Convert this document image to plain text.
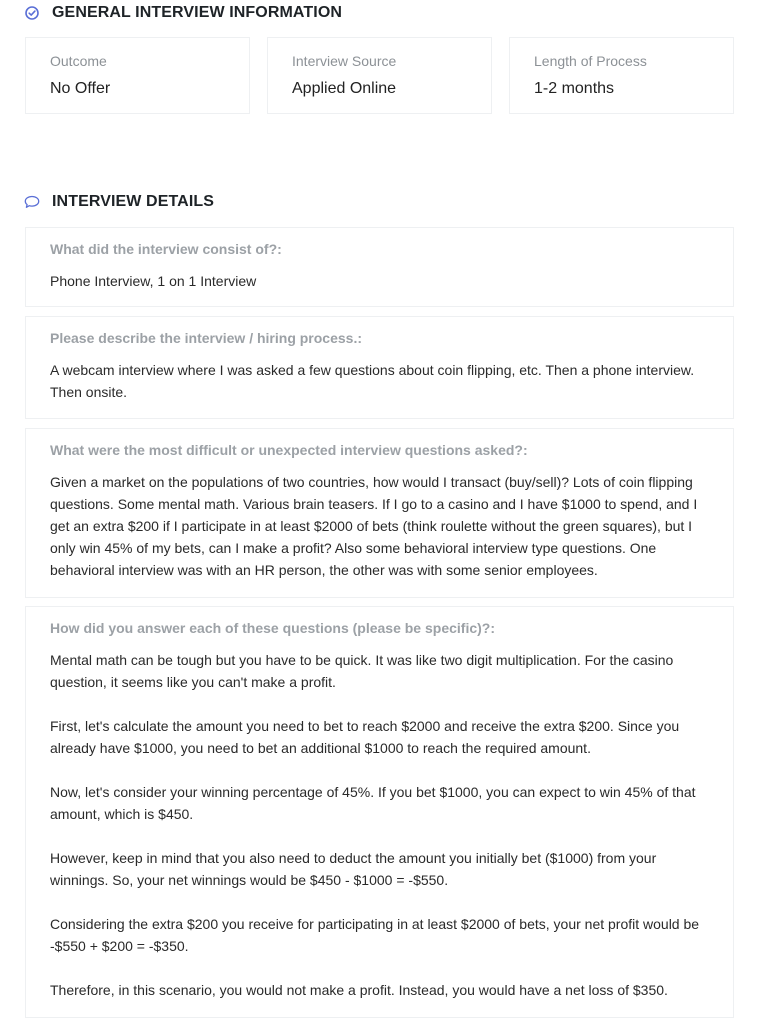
GENERAL INTERVIEW INFORMATION
Outcome
No Offer
Interview Source
Applied Online
Length of Process
1-2 months
INTERVIEW DETAILS

What did the interview consist of?:

Phone Interview, 1 on 1 Interview

Please describe the interview / hiring process.:

A webcam interview where I was asked a few questions about coin flipping, etc. Then a phone interview. Then onsite.

What were the most difficult or unexpected interview questions asked?:

Given a market on the populations of two countries, how would I transact (buy/sell)? Lots of coin flipping questions. Some mental math. Various brain teasers. If I go to a casino and I have $1000 to spend, and I get an extra $200 if I participate in at least $2000 of bets (think roulette without the green squares), but I only win 45% of my bets, can I make a profit? Also some behavioral interview type questions. One behavioral interview was with an HR person, the other was with some senior employees.

How did you answer each of these questions (please be specific)?:

Mental math can be tough but you have to be quick. It was like two digit multiplication. For the casino question, it seems like you can't make a profit.

First, let's calculate the amount you need to bet to reach $2000 and receive the extra $200. Since you already have $1000, you need to bet an additional $1000 to reach the required amount.

Now, let's consider your winning percentage of 45%. If you bet $1000, you can expect to win 45% of that amount, which is $450.

However, keep in mind that you also need to deduct the amount you initially bet ($1000) from your winnings. So, your net winnings would be $450 - $1000 = -$550.

Considering the extra $200 you receive for participating in at least $2000 of bets, your net profit would be -$550 + $200 = -$350.

Therefore, in this scenario, you would not make a profit. Instead, you would have a net loss of $350.
